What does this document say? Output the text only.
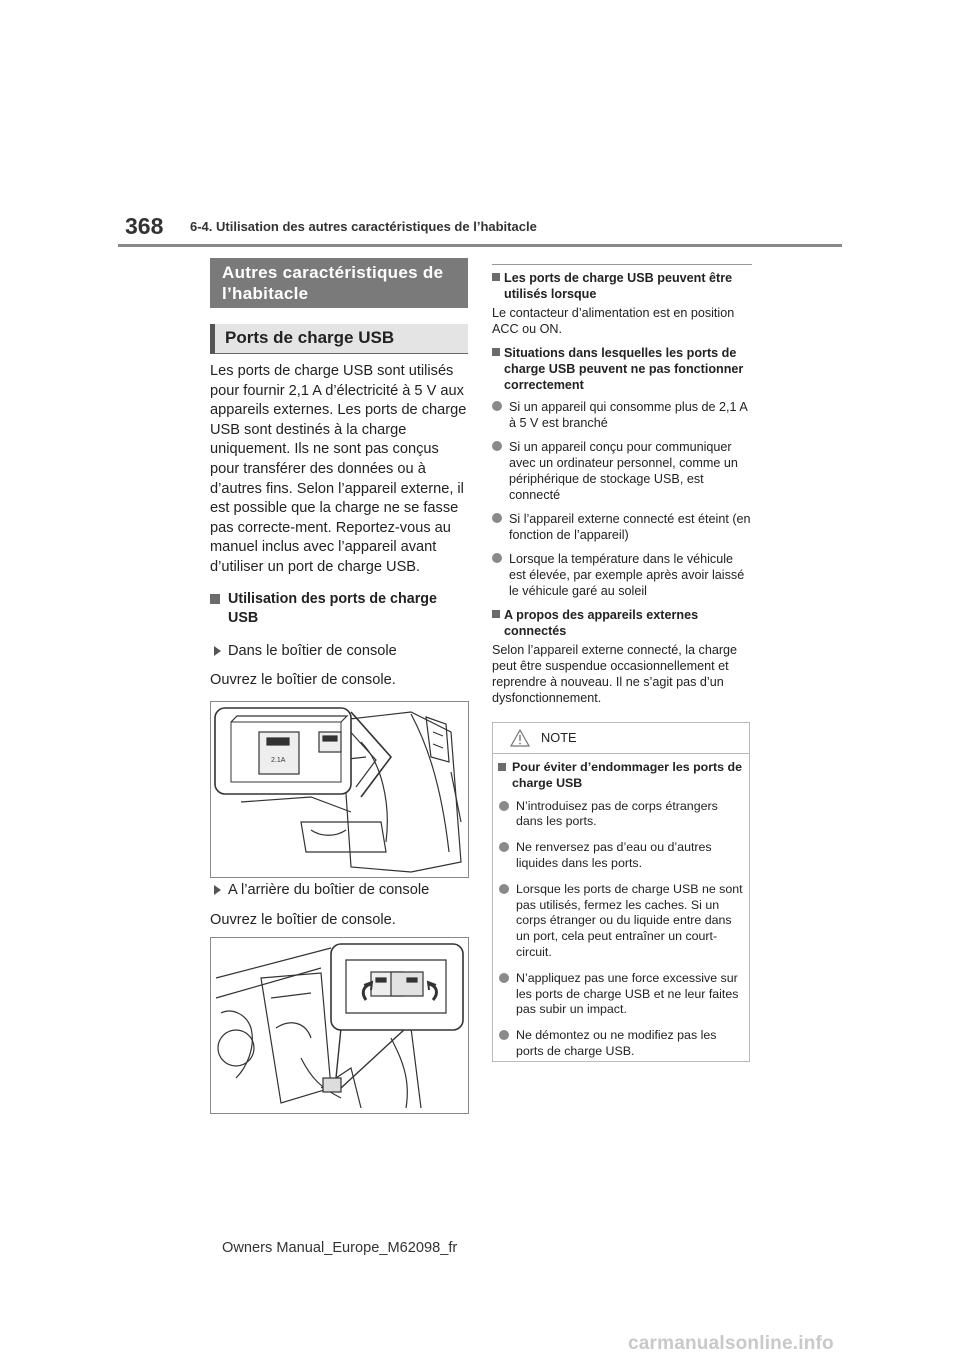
368 6-4. Utilisation des autres caractéristiques de l’habitacle
Autres caractéristiques de l’habitacle
Ports de charge USB

Les ports de charge USB sont utilisés pour fournir 2,1 A d’électricité à 5 V aux appareils externes. Les ports de charge USB sont destinés à la charge uniquement. Ils ne sont pas conçus pour transférer des données ou à d’autres fins. Selon l’appareil externe, il est possible que la charge ne se fasse pas correcte-ment. Reportez-vous au manuel inclus avec l’appareil avant d’utiliser un port de charge USB.

Utilisation des ports de charge USB
Dans le boîtier de console
Ouvrez le boîtier de console.
2.1A
A l’arrière du boîtier de console
Ouvrez le boîtier de console.
Les ports de charge USB peuvent être utilisés lorsque
Le contacteur d’alimentation est en position ACC ou ON.
Situations dans lesquelles les ports de charge USB peuvent ne pas fonctionner correctement
Si un appareil qui consomme plus de 2,1 A à 5 V est branché
Si un appareil conçu pour communiquer avec un ordinateur personnel, comme un périphérique de stockage USB, est connecté
Si l’appareil externe connecté est éteint (en fonction de l’appareil)
Lorsque la température dans le véhicule est élevée, par exemple après avoir laissé le véhicule garé au soleil
A propos des appareils externes connectés
Selon l’appareil externe connecté, la charge peut être suspendue occasionnellement et reprendre à nouveau. Il ne s’agit pas d’un dysfonctionnement.
NOTE
Pour éviter d’endommager les ports de charge USB
N’introduisez pas de corps étrangers dans les ports.
Ne renversez pas d’eau ou d’autres liquides dans les ports.
Lorsque les ports de charge USB ne sont pas utilisés, fermez les caches. Si un corps étranger ou du liquide entre dans un port, cela peut entraîner un court-circuit.
N’appliquez pas une force excessive sur les ports de charge USB et ne leur faites pas subir un impact.
Ne démontez ou ne modifiez pas les ports de charge USB.
Owners Manual_Europe_M62098_fr
carmanualsonline.info
